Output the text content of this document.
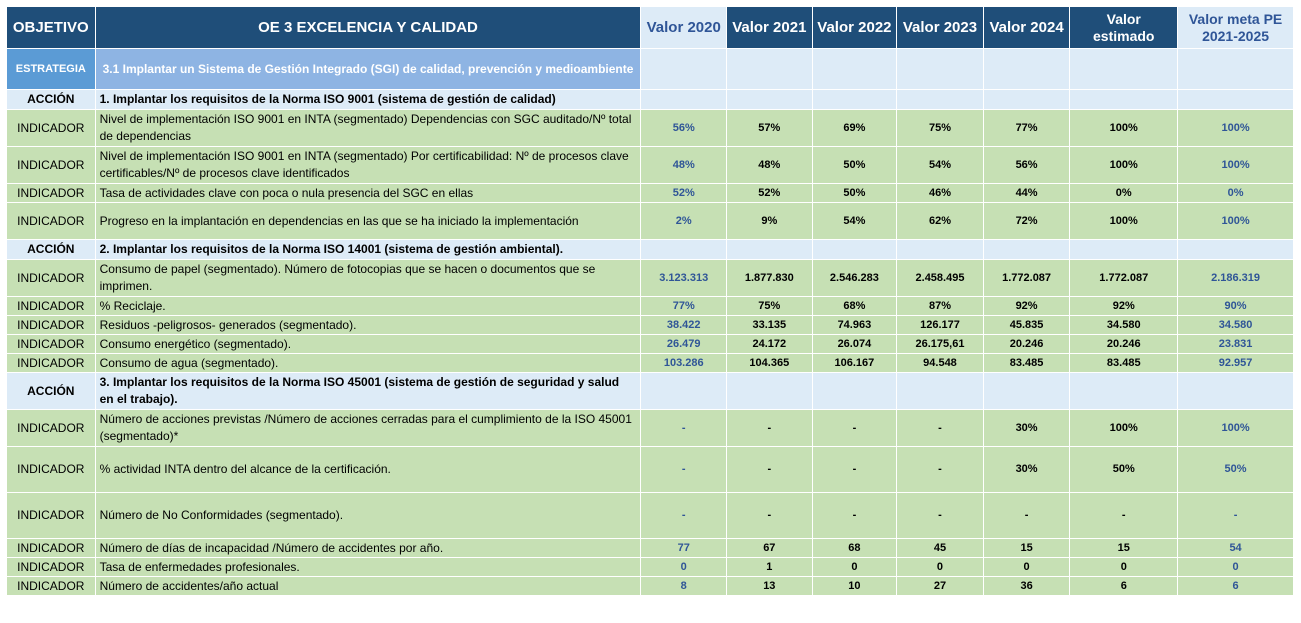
OBJETIVO	OE 3 EXCELENCIA Y CALIDAD	Valor 2020	Valor 2021	Valor 2022	Valor 2023	Valor 2024	Valor estimado	Valor meta PE 2021-2025
ESTRATEGIA	3.1 Implantar un Sistema de Gestión Integrado (SGI) de calidad, prevención y medioambiente							
ACCIÓN	1. Implantar los requisitos de la Norma ISO 9001 (sistema de gestión de calidad)							
INDICADOR	Nivel de implementación ISO 9001 en INTA (segmentado) Dependencias con SGC auditado/Nº total de dependencias	56%	57%	69%	75%	77%	100%	100%
INDICADOR	Nivel de implementación ISO 9001 en INTA (segmentado) Por certificabilidad: Nº de procesos clave certificables/Nº de procesos clave identificados	48%	48%	50%	54%	56%	100%	100%
INDICADOR	Tasa de actividades clave con poca o nula presencia del SGC en ellas	52%	52%	50%	46%	44%	0%	0%
INDICADOR	Progreso en la implantación en dependencias en las que se ha iniciado la implementación	2%	9%	54%	62%	72%	100%	100%
ACCIÓN	2. Implantar los requisitos de la Norma ISO 14001 (sistema de gestión ambiental).							
INDICADOR	Consumo de papel (segmentado). Número de fotocopias que se hacen o documentos que se imprimen.	3.123.313	1.877.830	2.546.283	2.458.495	1.772.087	1.772.087	2.186.319
INDICADOR	% Reciclaje.	77%	75%	68%	87%	92%	92%	90%
INDICADOR	Residuos -peligrosos- generados (segmentado).	38.422	33.135	74.963	126.177	45.835	34.580	34.580
INDICADOR	Consumo energético (segmentado).	26.479	24.172	26.074	26.175,61	20.246	20.246	23.831
INDICADOR	Consumo de agua (segmentado).	103.286	104.365	106.167	94.548	83.485	83.485	92.957
ACCIÓN	3. Implantar los requisitos de la Norma ISO 45001 (sistema de gestión de seguridad y salud en el trabajo).							
INDICADOR	Número de acciones previstas /Número de acciones cerradas para el cumplimiento de la ISO 45001 (segmentado)*	-	-	-	-	30%	100%	100%
INDICADOR	% actividad INTA dentro del alcance de la certificación.	-	-	-	-	30%	50%	50%
INDICADOR	Número de No Conformidades (segmentado).	-	-	-	-	-	-	-
INDICADOR	Número de días de incapacidad /Número de accidentes por año.	77	67	68	45	15	15	54
INDICADOR	Tasa de enfermedades profesionales.	0	1	0	0	0	0	0
INDICADOR	Número de accidentes/año actual	8	13	10	27	36	6	6
